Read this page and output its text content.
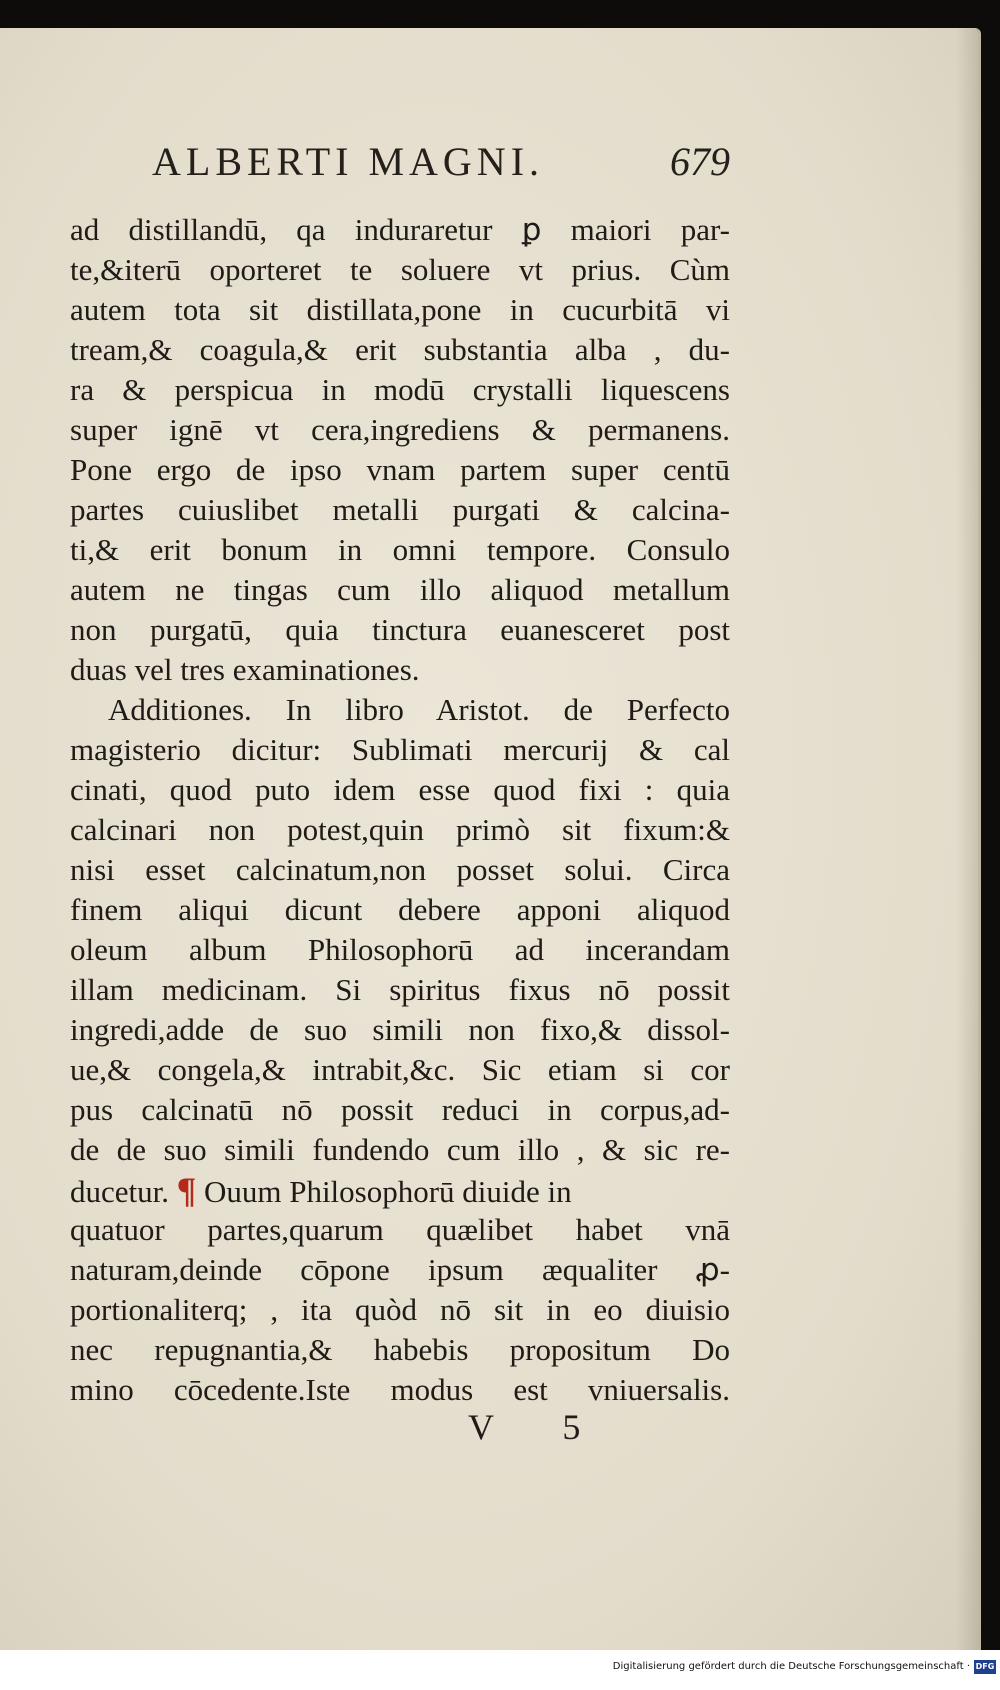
ALBERTI MAGNI.	679
ad distillandū, qa induraretur ꝑ maiori par-
te,&iterū oporteret te soluere vt prius. Cùm
autem tota sit distillata,pone in cucurbitā vi
tream,& coagula,& erit substantia alba , du-
ra & perspicua in modū crystalli liquescens
super ignē vt cera,ingrediens & permanens.
Pone ergo de ipso vnam partem super centū
partes cuiuslibet metalli purgati & calcina-
ti,& erit bonum in omni tempore. Consulo
autem ne tingas cum illo aliquod metallum
non purgatū, quia tinctura euanesceret post
duas vel tres examinationes.
Additiones. In libro Aristot. de Perfecto
magisterio dicitur: Sublimati mercurij & cal
cinati, quod puto idem esse quod fixi : quia
calcinari non potest,quin primò sit fixum:&
nisi esset calcinatum,non posset solui. Circa
finem aliqui dicunt debere apponi aliquod
oleum album Philosophorū ad incerandam
illam medicinam. Si spiritus fixus nō possit
ingredi,adde de suo simili non fixo,& dissol-
ue,& congela,& intrabit,&c. Sic etiam si cor
pus calcinatū nō possit reduci in corpus,ad-
de de suo simili fundendo cum illo , & sic re-
ducetur. ¶ Ouum Philosophorū diuide in
quatuor partes,quarum quælibet habet vnā
naturam,deinde cōpone ipsum æqualiter ꝓ-
portionaliterq; , ita quòd nō sit in eo diuisio
nec repugnantia,& habebis propositum Do
mino cōcedente.Iste modus est vniuersalis.
V 5
Digitalisierung gefördert durch die Deutsche Forschungsgemeinschaft · DFG
